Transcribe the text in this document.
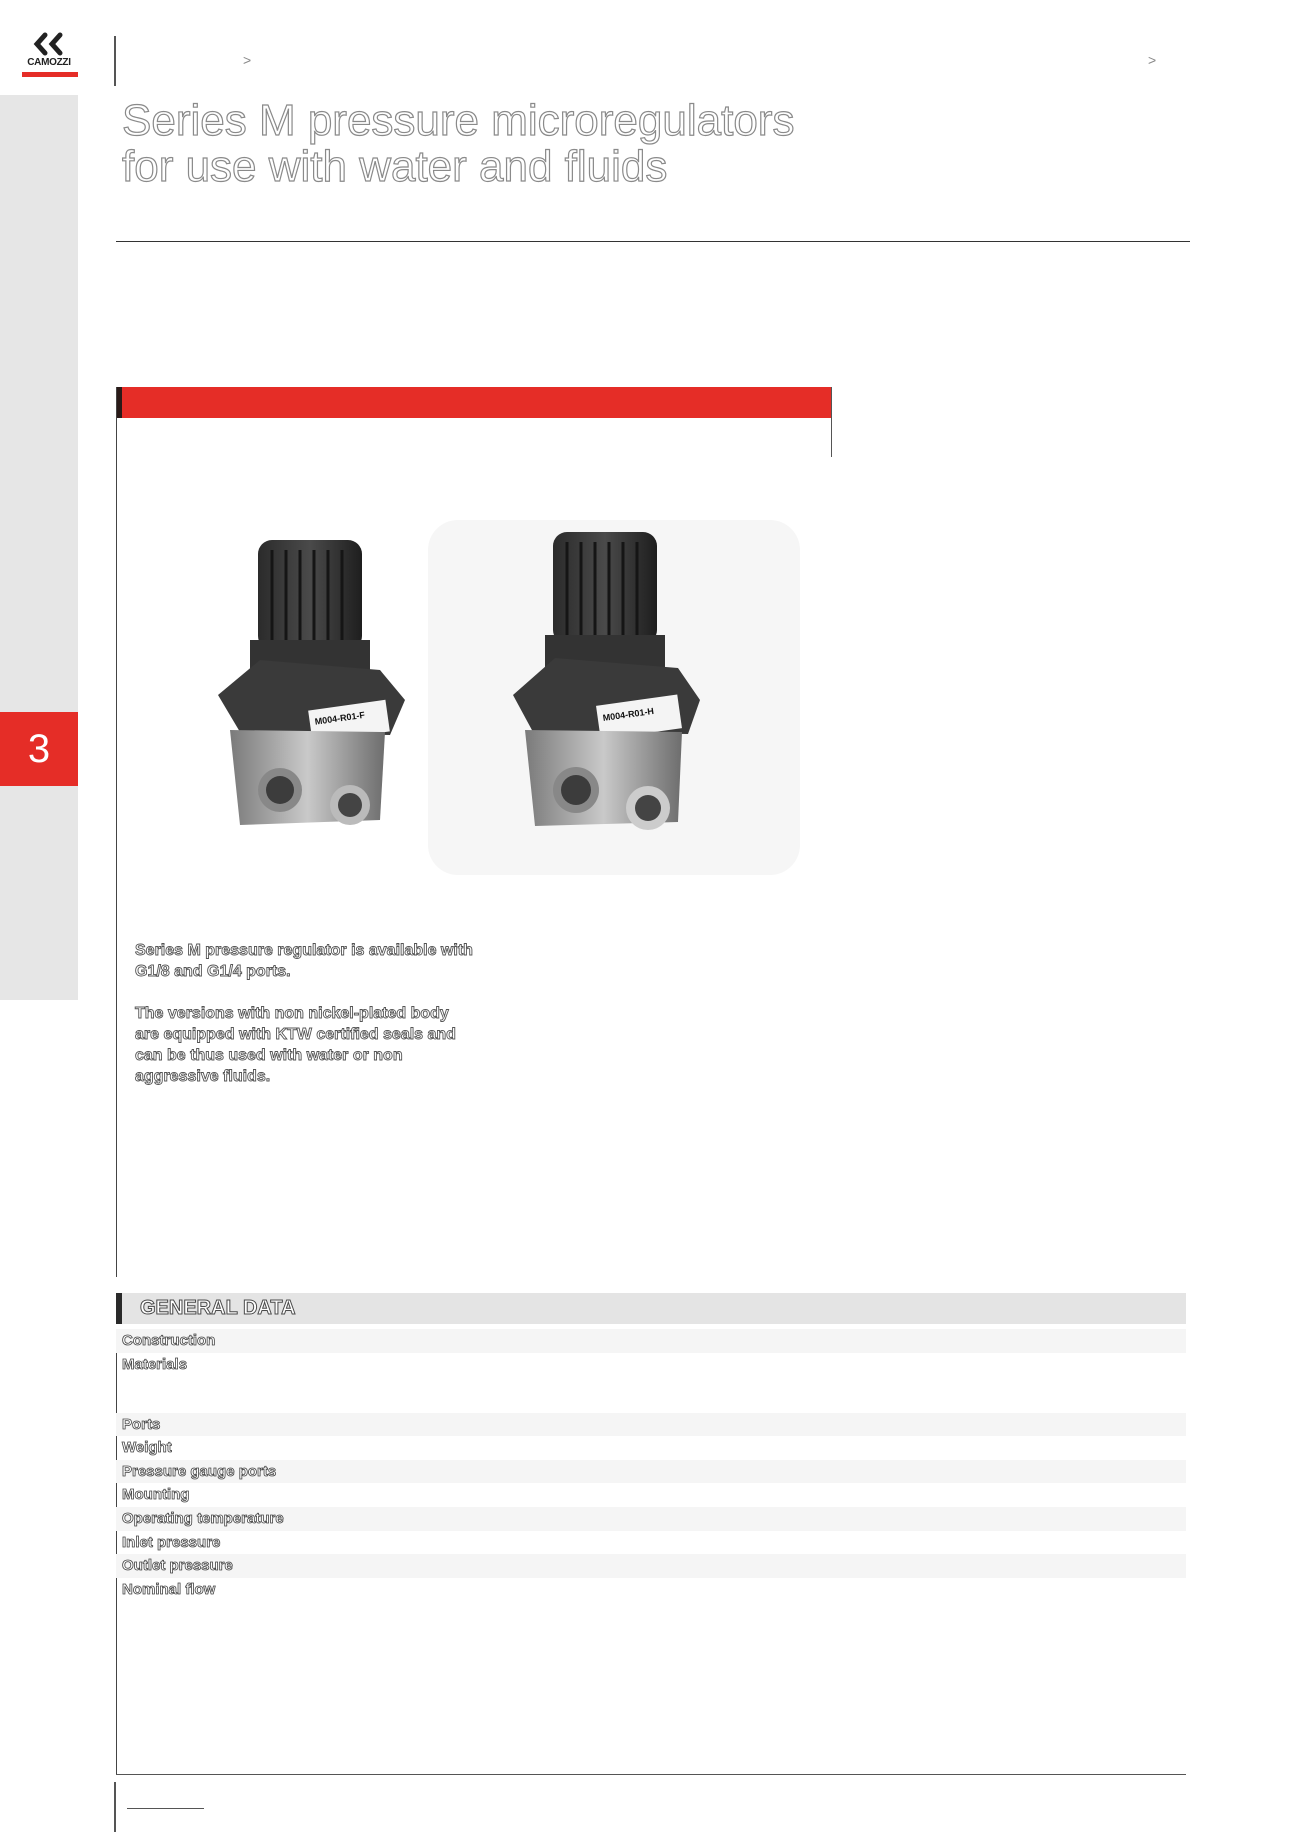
3
CAMOZZI	>	>
Series M pressure microregulators
for use with water and fluids
M004-R01-F	M004-R01-H

Series M pressure regulator is available with G1/8 and G1/4 ports.

The versions with non nickel-plated body are equipped with KTW certified seals and can be thus used with water or non aggressive fluids.

GENERAL DATA
Construction
Materials
Ports
Weight
Pressure gauge ports
Mounting
Operating temperature
Inlet pressure
Outlet pressure
Nominal flow
